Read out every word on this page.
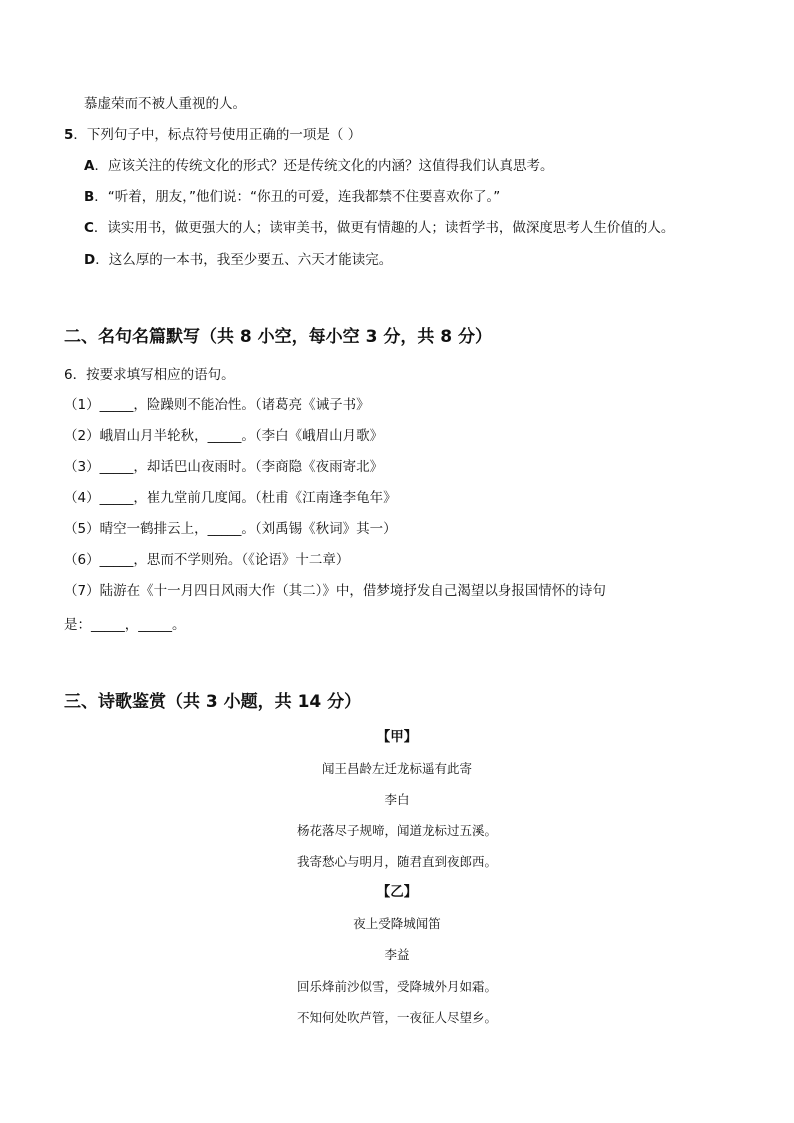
慕虚荣而不被人重视的人。
5．下列句子中，标点符号使用正确的一项是（ ）
A．应该关注的传统文化的形式？还是传统文化的内涵？这值得我们认真思考。
B．“听着，朋友，”他们说：“你丑的可爱，连我都禁不住要喜欢你了。”
C．读实用书，做更强大的人；读审美书，做更有情趣的人；读哲学书，做深度思考人生价值的人。
D．这么厚的一本书，我至少要五、六天才能读完。
二、名句名篇默写（共 8 小空，每小空 3 分，共 8 分）
6．按要求填写相应的语句。
（1）_____，险躁则不能冶性。（诸葛亮《诫子书》
（2）峨眉山月半轮秋，_____。（李白《峨眉山月歌》
（3）_____，却话巴山夜雨时。（李商隐《夜雨寄北》
（4）_____，崔九堂前几度闻。（杜甫《江南逢李龟年》
（5）晴空一鹤排云上，_____。（刘禹锡《秋词》其一）
（6）_____，思而不学则殆。（《论语》十二章）
（7）陆游在《十一月四日风雨大作（其二）》中，借梦境抒发自己渴望以身报国情怀的诗句
是：_____，_____。
三、诗歌鉴赏（共 3 小题，共 14 分）
【甲】
闻王昌龄左迁龙标遥有此寄
李白
杨花落尽子规啼，闻道龙标过五溪。
我寄愁心与明月，随君直到夜郎西。
【乙】
夜上受降城闻笛
李益
回乐烽前沙似雪，受降城外月如霜。
不知何处吹芦管，一夜征人尽望乡。
